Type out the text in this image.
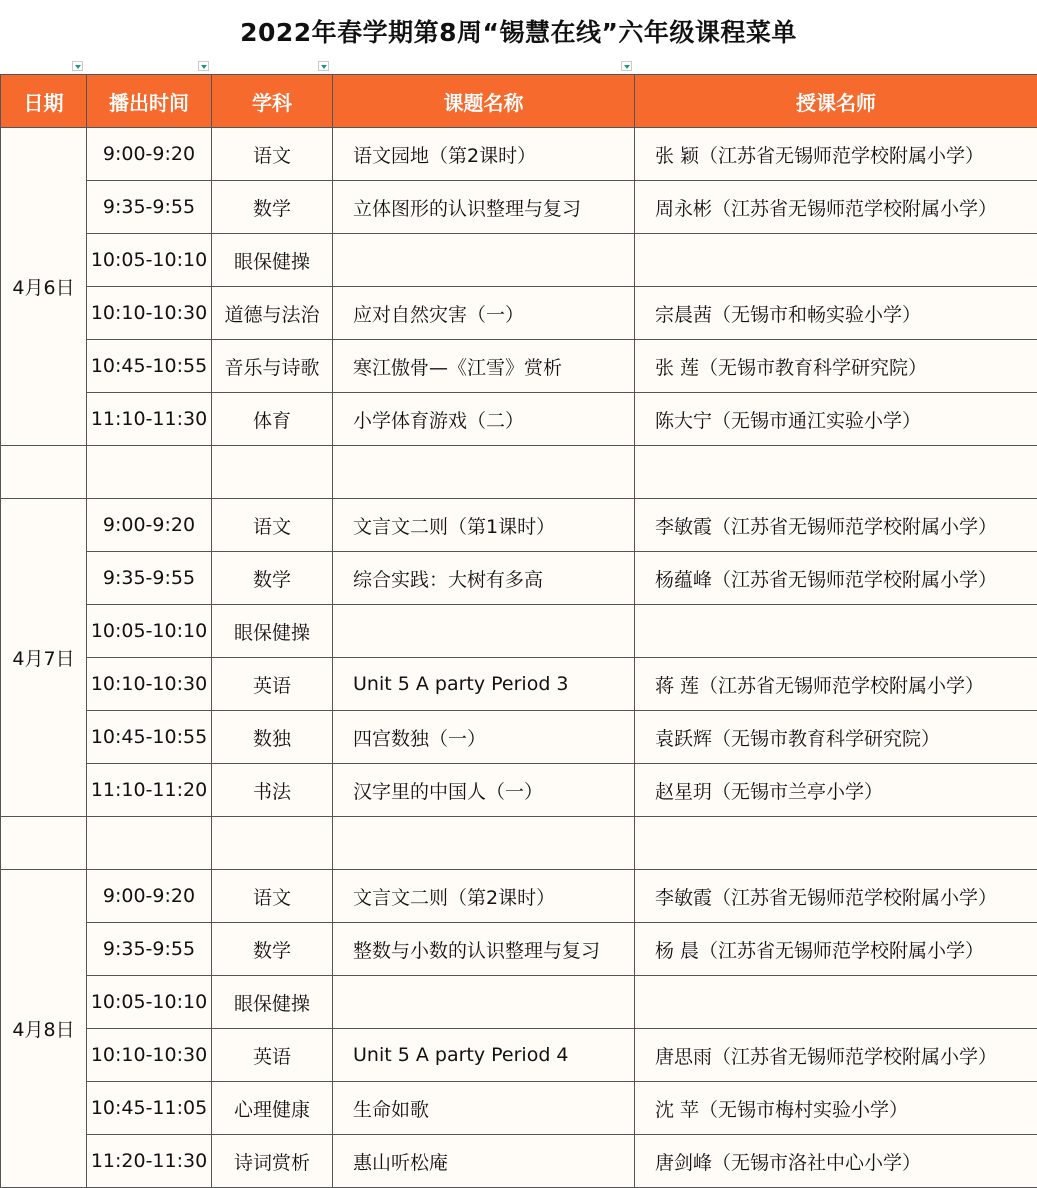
2022年春学期第8周“锡慧在线”六年级课程菜单
日期	播出时间	学科	课题名称	授课名师
4月6日	9:00-9:20	语文	语文园地（第2课时）	张 颖（江苏省无锡师范学校附属小学）
	9:35-9:55	数学	立体图形的认识整理与复习	周永彬（江苏省无锡师范学校附属小学）
	10:05-10:10	眼保健操		
	10:10-10:30	道德与法治	应对自然灾害（一）	宗晨茜（无锡市和畅实验小学）
	10:45-10:55	音乐与诗歌	寒江傲骨—《江雪》赏析	张 莲（无锡市教育科学研究院）
	11:10-11:30	体育	小学体育游戏（二）	陈大宁（无锡市通江实验小学）

4月7日	9:00-9:20	语文	文言文二则（第1课时）	李敏霞（江苏省无锡师范学校附属小学）
	9:35-9:55	数学	综合实践：大树有多高	杨蕴峰（江苏省无锡师范学校附属小学）
	10:05-10:10	眼保健操		
	10:10-10:30	英语	Unit 5 A party Period 3	蒋 莲（江苏省无锡师范学校附属小学）
	10:45-10:55	数独	四宫数独（一）	袁跃辉（无锡市教育科学研究院）
	11:10-11:20	书法	汉字里的中国人（一）	赵星玥（无锡市兰亭小学）

4月8日	9:00-9:20	语文	文言文二则（第2课时）	李敏霞（江苏省无锡师范学校附属小学）
	9:35-9:55	数学	整数与小数的认识整理与复习	杨 晨（江苏省无锡师范学校附属小学）
	10:05-10:10	眼保健操		
	10:10-10:30	英语	Unit 5 A party Period 4	唐思雨（江苏省无锡师范学校附属小学）
	10:45-11:05	心理健康	生命如歌	沈 苹（无锡市梅村实验小学）
	11:20-11:30	诗词赏析	惠山听松庵	唐剑峰（无锡市洛社中心小学）
